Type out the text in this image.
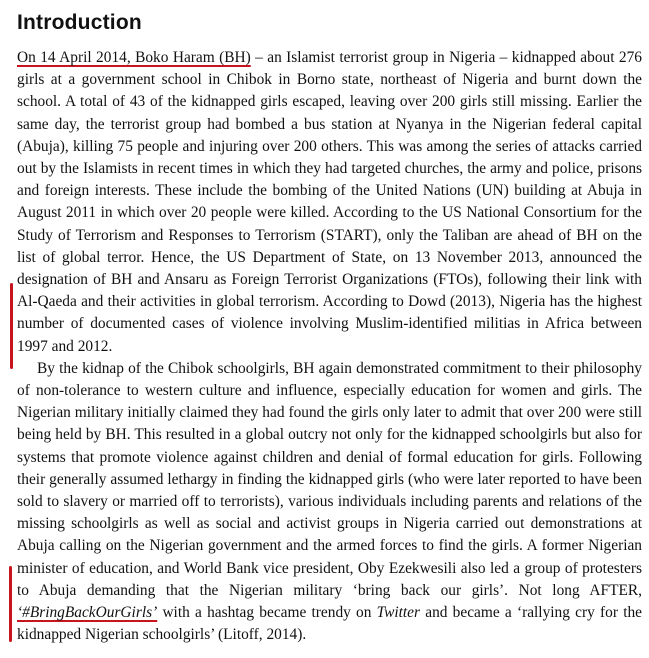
Introduction

On 14 April 2014, Boko Haram (BH) – an Islamist terrorist group in Nigeria – kidnapped about 276 girls at a government school in Chibok in Borno state, northeast of Nigeria and burnt down the school. A total of 43 of the kidnapped girls escaped, leaving over 200 girls still missing. Earlier the same day, the terrorist group had bombed a bus station at Nyanya in the Nigerian federal capital (Abuja), killing 75 people and injuring over 200 others. This was among the series of attacks carried out by the Islamists in recent times in which they had targeted churches, the army and police, prisons and foreign interests. These include the bombing of the United Nations (UN) building at Abuja in August 2011 in which over 20 people were killed. According to the US National Consortium for the Study of Terrorism and Responses to Terrorism (START), only the Taliban are ahead of BH on the list of global terror. Hence, the US Department of State, on 13 November 2013, announced the designation of BH and Ansaru as Foreign Terrorist Organizations (FTOs), following their link with Al-Qaeda and their activities in global terrorism. According to Dowd (2013), Nigeria has the highest number of documented cases of violence involving Muslim-identified militias in Africa between 1997 and 2012.

By the kidnap of the Chibok schoolgirls, BH again demonstrated commitment to their philosophy of non-tolerance to western culture and influence, especially education for women and girls. The Nigerian military initially claimed they had found the girls only later to admit that over 200 were still being held by BH. This resulted in a global outcry not only for the kidnapped schoolgirls but also for systems that promote violence against children and denial of formal education for girls. Following their generally assumed lethargy in finding the kidnapped girls (who were later reported to have been sold to slavery or married off to terrorists), various individuals including parents and relations of the missing schoolgirls as well as social and activist groups in Nigeria carried out demonstrations at Abuja calling on the Nigerian government and the armed forces to find the girls. A former Nigerian minister of education, and World Bank vice president, Oby Ezekwesili also led a group of protesters to Abuja demanding that the Nigerian military ‘bring back our girls’. Not long AFTER, ‘#BringBackOurGirls’ with a hashtag became trendy on Twitter and became a ‘rallying cry for the kidnapped Nigerian schoolgirls’ (Litoff, 2014).
